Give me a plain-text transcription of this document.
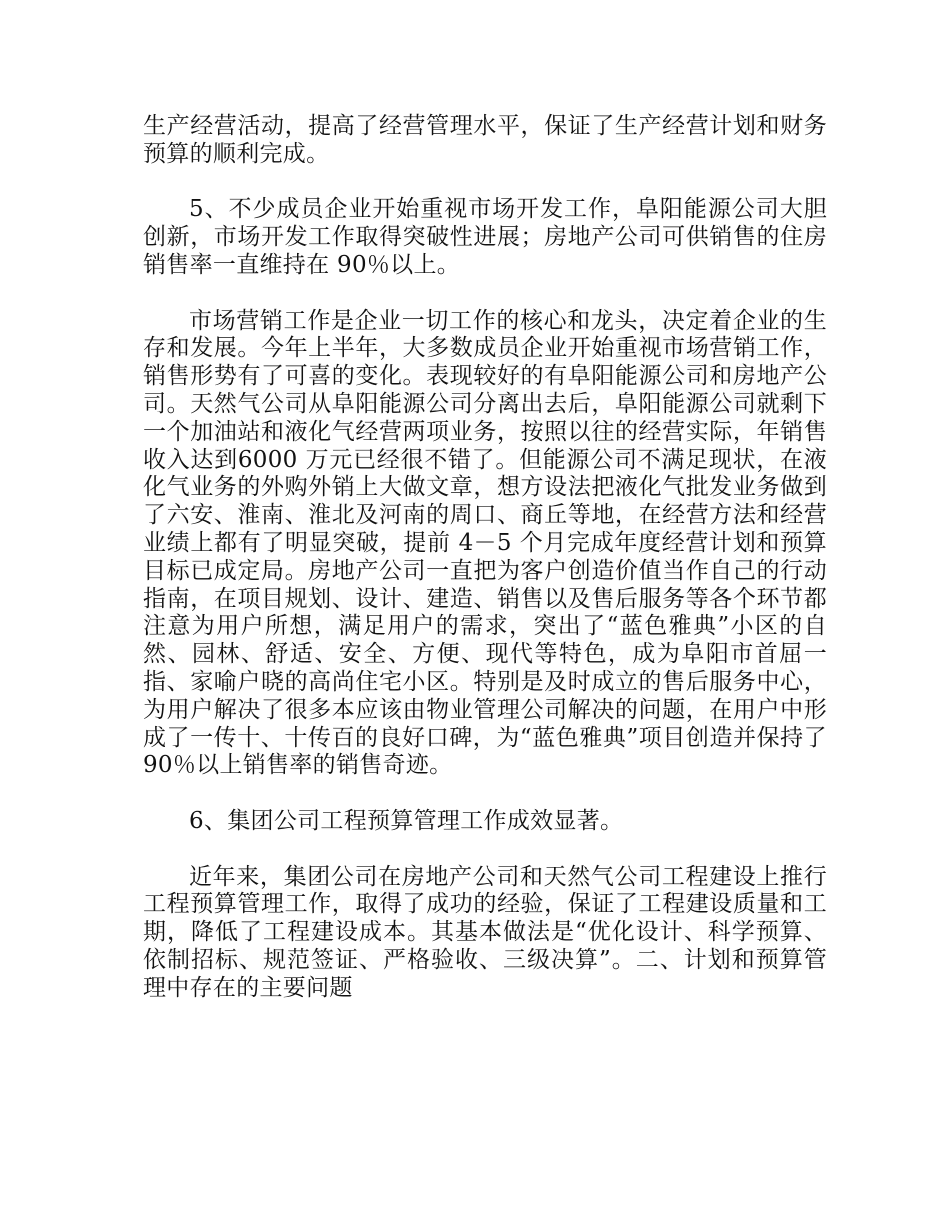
生产经营活动，提高了经营管理水平，保证了生产经营计划和财务预算的顺利完成。

5、不少成员企业开始重视市场开发工作，阜阳能源公司大胆创新，市场开发工作取得突破性进展；房地产公司可供销售的住房销售率一直维持在 90％以上。

市场营销工作是企业一切工作的核心和龙头，决定着企业的生存和发展。今年上半年，大多数成员企业开始重视市场营销工作，销售形势有了可喜的变化。表现较好的有阜阳能源公司和房地产公司。天然气公司从阜阳能源公司分离出去后，阜阳能源公司就剩下一个加油站和液化气经营两项业务，按照以往的经营实际，年销售收入达到6000 万元已经很不错了。但能源公司不满足现状，在液化气业务的外购外销上大做文章，想方设法把液化气批发业务做到了六安、淮南、淮北及河南的周口、商丘等地，在经营方法和经营业绩上都有了明显突破，提前 4－5 个月完成年度经营计划和预算目标已成定局。房地产公司一直把为客户创造价值当作自己的行动指南，在项目规划、设计、建造、销售以及售后服务等各个环节都注意为用户所想，满足用户的需求，突出了“蓝色雅典”小区的自然、园林、舒适、安全、方便、现代等特色，成为阜阳市首屈一指、家喻户晓的高尚住宅小区。特别是及时成立的售后服务中心，为用户解决了很多本应该由物业管理公司解决的问题，在用户中形成了一传十、十传百的良好口碑，为“蓝色雅典”项目创造并保持了 90％以上销售率的销售奇迹。

6、集团公司工程预算管理工作成效显著。

近年来，集团公司在房地产公司和天然气公司工程建设上推行工程预算管理工作，取得了成功的经验，保证了工程建设质量和工期，降低了工程建设成本。其基本做法是“优化设计、科学预算、依制招标、规范签证、严格验收、三级决算”。二、计划和预算管理中存在的主要问题
